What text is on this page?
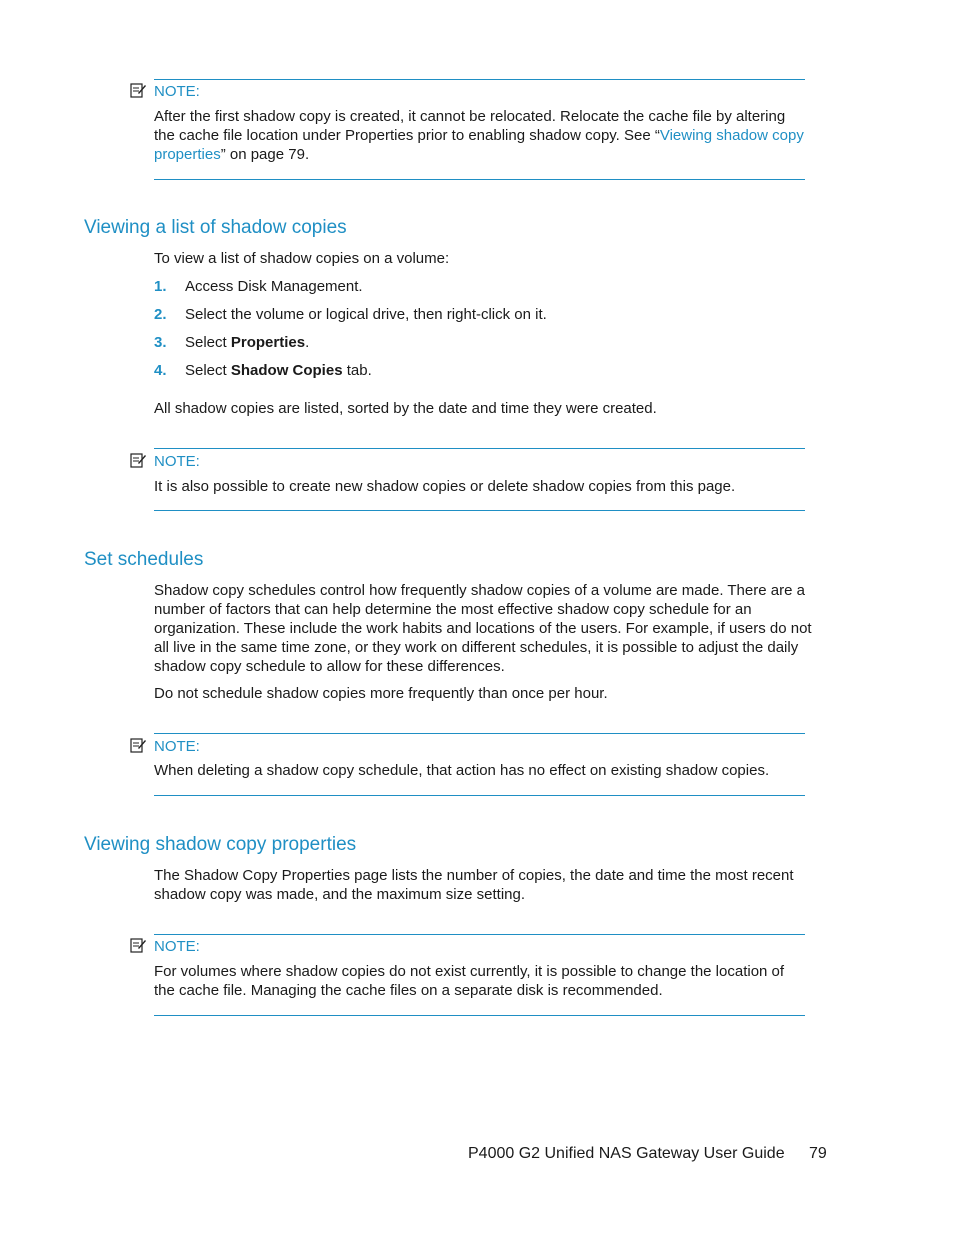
NOTE:
After the first shadow copy is created, it cannot be relocated. Relocate the cache file by altering the cache file location under Properties prior to enabling shadow copy. See “Viewing shadow copy properties” on page 79.
Viewing a list of shadow copies
To view a list of shadow copies on a volume:
1. Access Disk Management.
2. Select the volume or logical drive, then right-click on it.
3. Select Properties.
4. Select Shadow Copies tab.
All shadow copies are listed, sorted by the date and time they were created.
NOTE:
It is also possible to create new shadow copies or delete shadow copies from this page.
Set schedules
Shadow copy schedules control how frequently shadow copies of a volume are made. There are a number of factors that can help determine the most effective shadow copy schedule for an organization. These include the work habits and locations of the users. For example, if users do not all live in the same time zone, or they work on different schedules, it is possible to adjust the daily shadow copy schedule to allow for these differences.
Do not schedule shadow copies more frequently than once per hour.
NOTE:
When deleting a shadow copy schedule, that action has no effect on existing shadow copies.
Viewing shadow copy properties
The Shadow Copy Properties page lists the number of copies, the date and time the most recent shadow copy was made, and the maximum size setting.
NOTE:
For volumes where shadow copies do not exist currently, it is possible to change the location of the cache file. Managing the cache files on a separate disk is recommended.
P4000 G2 Unified NAS Gateway User Guide 79
